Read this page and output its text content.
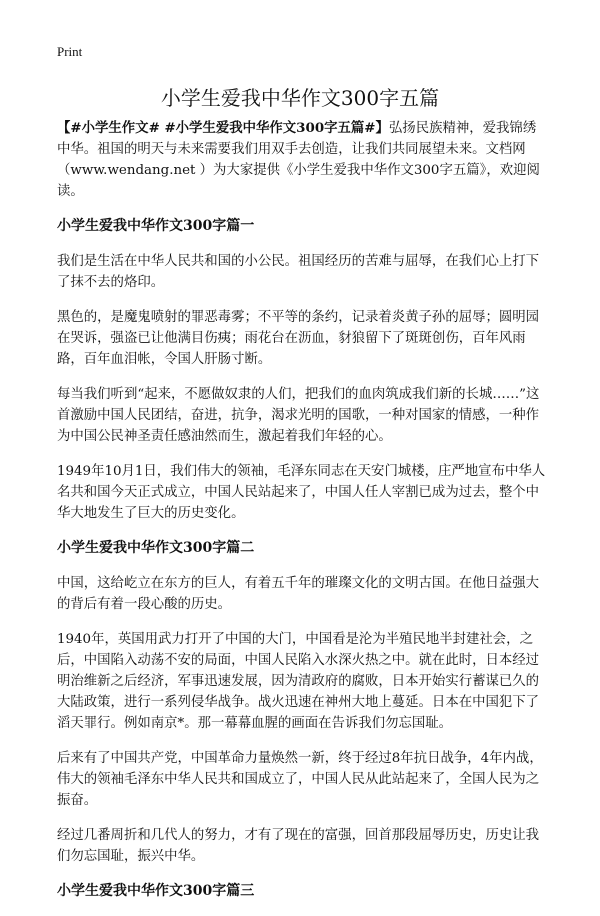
Print
小学生爱我中华作文300字五篇

【#小学生作文# #小学生爱我中华作文300字五篇#】弘扬民族精神，爱我锦绣中华。祖国的明天与未来需要我们用双手去创造，让我们共同展望未来。文档网（www.wendang.net ）为大家提供《小学生爱我中华作文300字五篇》，欢迎阅读。

小学生爱我中华作文300字篇一

我们是生活在中华人民共和国的小公民。祖国经历的苦难与屈辱，在我们心上打下了抹不去的烙印。

黑色的，是魔鬼喷射的罪恶毒雾；不平等的条约，记录着炎黄子孙的屈辱；圆明园在哭诉，强盗已让他满目伤痍；雨花台在沥血，豺狼留下了斑斑创伤，百年风雨路，百年血泪帐，令国人肝肠寸断。

每当我们听到“起来，不愿做奴隶的人们，把我们的血肉筑成我们新的长城……”这首激励中国人民团结，奋进，抗争，渴求光明的国歌，一种对国家的情感，一种作为中国公民神圣责任感油然而生，激起着我们年轻的心。

1949年10月1日，我们伟大的领袖，毛泽东同志在天安门城楼，庄严地宣布中华人名共和国今天正式成立，中国人民站起来了，中国人任人宰割已成为过去，整个中华大地发生了巨大的历史变化。

小学生爱我中华作文300字篇二

中国，这给屹立在东方的巨人，有着五千年的璀璨文化的文明古国。在他日益强大的背后有着一段心酸的历史。

1940年，英国用武力打开了中国的大门，中国看是沦为半殖民地半封建社会，之后，中国陷入动荡不安的局面，中国人民陷入水深火热之中。就在此时，日本经过明治维新之后经济，军事迅速发展，因为清政府的腐败，日本开始实行蓄谋已久的大陆政策，进行一系列侵华战争。战火迅速在神州大地上蔓延。日本在中国犯下了滔天罪行。例如南京*。那一幕幕血腥的画面在告诉我们勿忘国耻。

后来有了中国共产党，中国革命力量焕然一新，终于经过8年抗日战争，4年内战，伟大的领袖毛泽东中华人民共和国成立了，中国人民从此站起来了，全国人民为之振奋。

经过几番周折和几代人的努力，才有了现在的富强，回首那段屈辱历史，历史让我们勿忘国耻，振兴中华。

小学生爱我中华作文300字篇三
